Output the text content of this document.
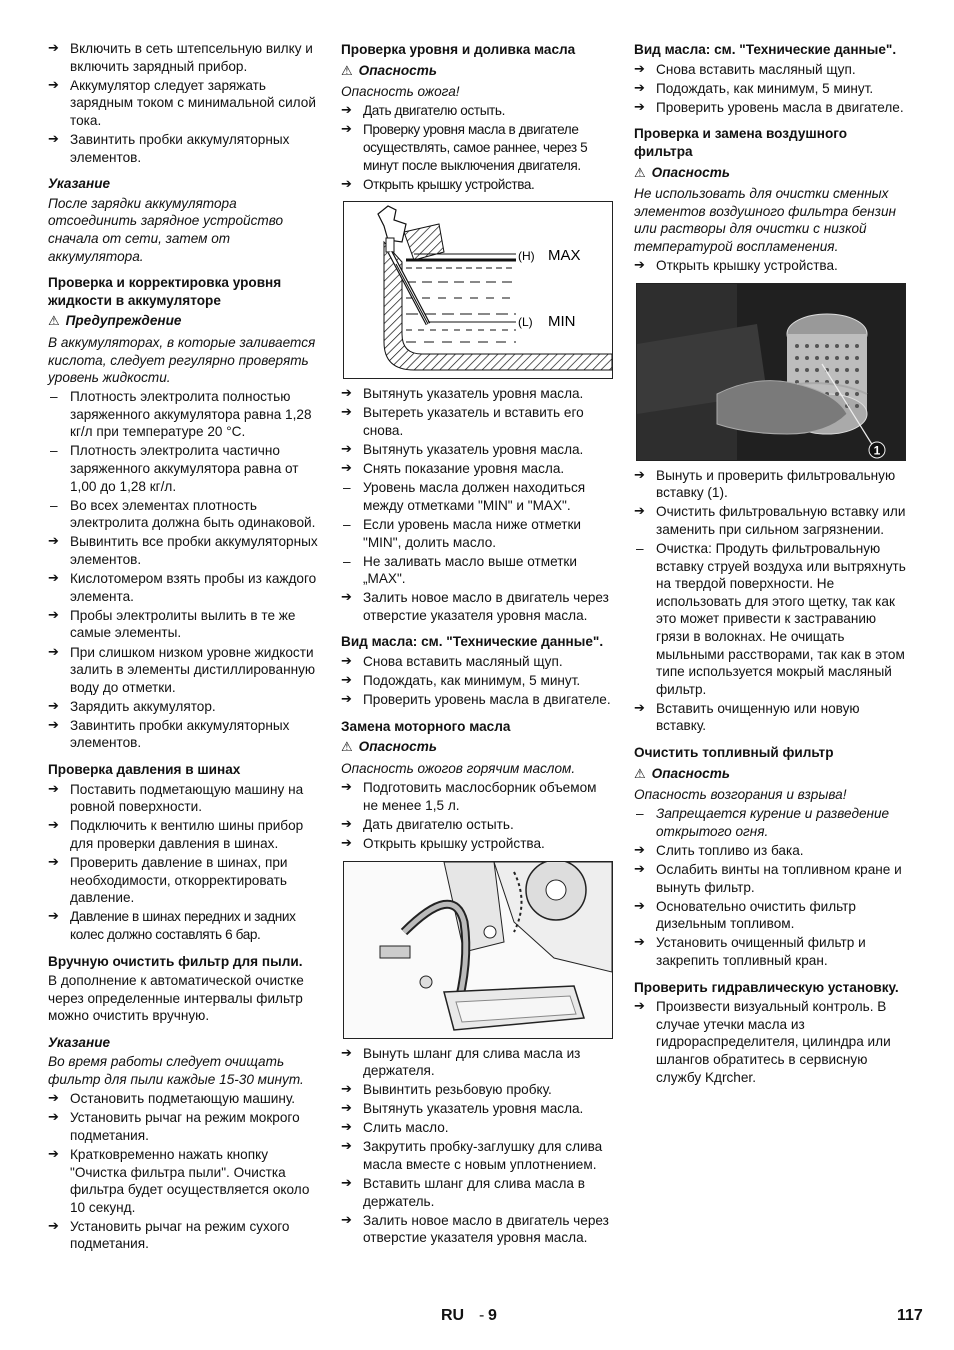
➔ Включить в сеть штепсельную вилку и включить зарядный прибор.

➔ Аккумулятор следует заряжать зарядным током с минимальной силой тока.

➔ Завинтить пробки аккумуляторных элементов.

Указание

После зарядки аккумулятора отсоединить зарядное устройство сначала от сети, затем от аккумулятора.

Проверка и корректировка уровня жидкости в аккумуляторе

⚠ Предупреждение

В аккумуляторах, в которые заливается кислота, следует регулярно проверять уровень жидкости.

– Плотность электролита полностью заряженного аккумулятора равна 1,28 кг/л при температуре 20 °C.

– Плотность электролита частично заряженного аккумулятора равна от 1,00 до 1,28 кг/л.

– Во всех элементах плотность электролита должна быть одинаковой.

➔ Вывинтить все пробки аккумуляторных элементов.

➔ Кислотомером взять пробы из каждого элемента.

➔ Пробы электролиты вылить в те же самые элементы.

➔ При слишком низком уровне жидкости залить в элементы дистиллированную воду до отметки.

➔ Зарядить аккумулятор.

➔ Завинтить пробки аккумуляторных элементов.

Проверка давления в шинах

➔ Поставить подметающую машину на ровной поверхности.

➔ Подключить к вентилю шины прибор для проверки давления в шинах.

➔ Проверить давление в шинах, при необходимости, откорректировать давление.

➔ Давление в шинах передних и задних колес должно составлять 6 бар.

Вручную очистить фильтр для пыли.

В дополнение к автоматической очистке через определенные интервалы фильтр можно очистить вручную.

Указание

Во время работы следует очищать фильтр для пыли каждые 15-30 минут.

➔ Остановить подметающую машину.

➔ Установить рычаг на режим мокрого подметания.

➔ Кратковременно нажать кнопку "Очистка фильтра пыли". Очистка фильтра будет осуществляется около 10 секунд.

➔ Установить рычаг на режим сухого подметания.

Проверка уровня и доливка масла

⚠ Опасность

Опасность ожога!

➔ Дать двигателю остыть.

➔ Проверку уровня масла в двигателе осуществлять, самое раннее, через 5 минут после выключения двигателя.

➔ Открыть крышку устройства.

(H) MAX
(L) MIN

➔ Вытянуть указатель уровня масла.

➔ Вытереть указатель и вставить его снова.

➔ Вытянуть указатель уровня масла.

➔ Снять показание уровня масла.

– Уровень масла должен находиться между отметками "MIN" и "MAX".

– Если уровень масла ниже отметки "MIN", долить масло.

– Не заливать масло выше отметки „MAX".

➔ Залить новое масло в двигатель через отверстие указателя уровня масла.

Вид масла: см. "Технические данные".

➔ Снова вставить масляный щуп.

➔ Подождать, как минимум, 5 минут.

➔ Проверить уровень масла в двигателе.

Замена моторного масла

⚠ Опасность

Опасность ожогов горячим маслом.

➔ Подготовить маслосборник объемом не менее 1,5 л.

➔ Дать двигателю остыть.

➔ Открыть крышку устройства.

➔ Вынуть шланг для слива масла из держателя.

➔ Вывинтить резьбовую пробку.

➔ Вытянуть указатель уровня масла.

➔ Слить масло.

➔ Закрутить пробку-заглушку для слива масла вместе с новым уплотнением.

➔ Вставить шланг для слива масла в держатель.

➔ Залить новое масло в двигатель через отверстие указателя уровня масла.

Вид масла: см. "Технические данные".

➔ Снова вставить масляный щуп.

➔ Подождать, как минимум, 5 минут.

➔ Проверить уровень масла в двигателе.

Проверка и замена воздушного фильтра

⚠ Опасность

Не использовать для очистки сменных элементов воздушного фильтра бензин или растворы для очистки с низкой температурой воспламенения.

➔ Открыть крышку устройства.

1

➔ Вынуть и проверить фильтровальную вставку (1).

➔ Очистить фильтровальную вставку или заменить при сильном загрязнении.

– Очистка: Продуть фильтровальную вставку струей воздуха или вытряхнуть на твердой поверхности. Не использовать для этого щетку, так как это может привести к застраванию грязи в волокнах. Не очищать мыльными расстворами, так как в этом типе используется мокрый масляный фильтр.

➔ Вставить очищенную или новую вставку.

Очистить топливный фильтр

⚠ Опасность

Опасность возгорания и взрыва!

– Запрещается курение и разведение открытого огня.

➔ Слить топливо из бака.

➔ Ослабить винты на топливном кране и вынуть фильтр.

➔ Основательно очистить фильтр дизельным топливом.

➔ Установить очищенный фильтр и закрепить топливный кран.

Проверить гидравлическую установку.

➔ Произвести визуальный контроль. В случае утечки масла из гидрораспределителя, цилиндра или шлангов обратитесь в сервисную службу Kдrcher.

RU - 9	117
